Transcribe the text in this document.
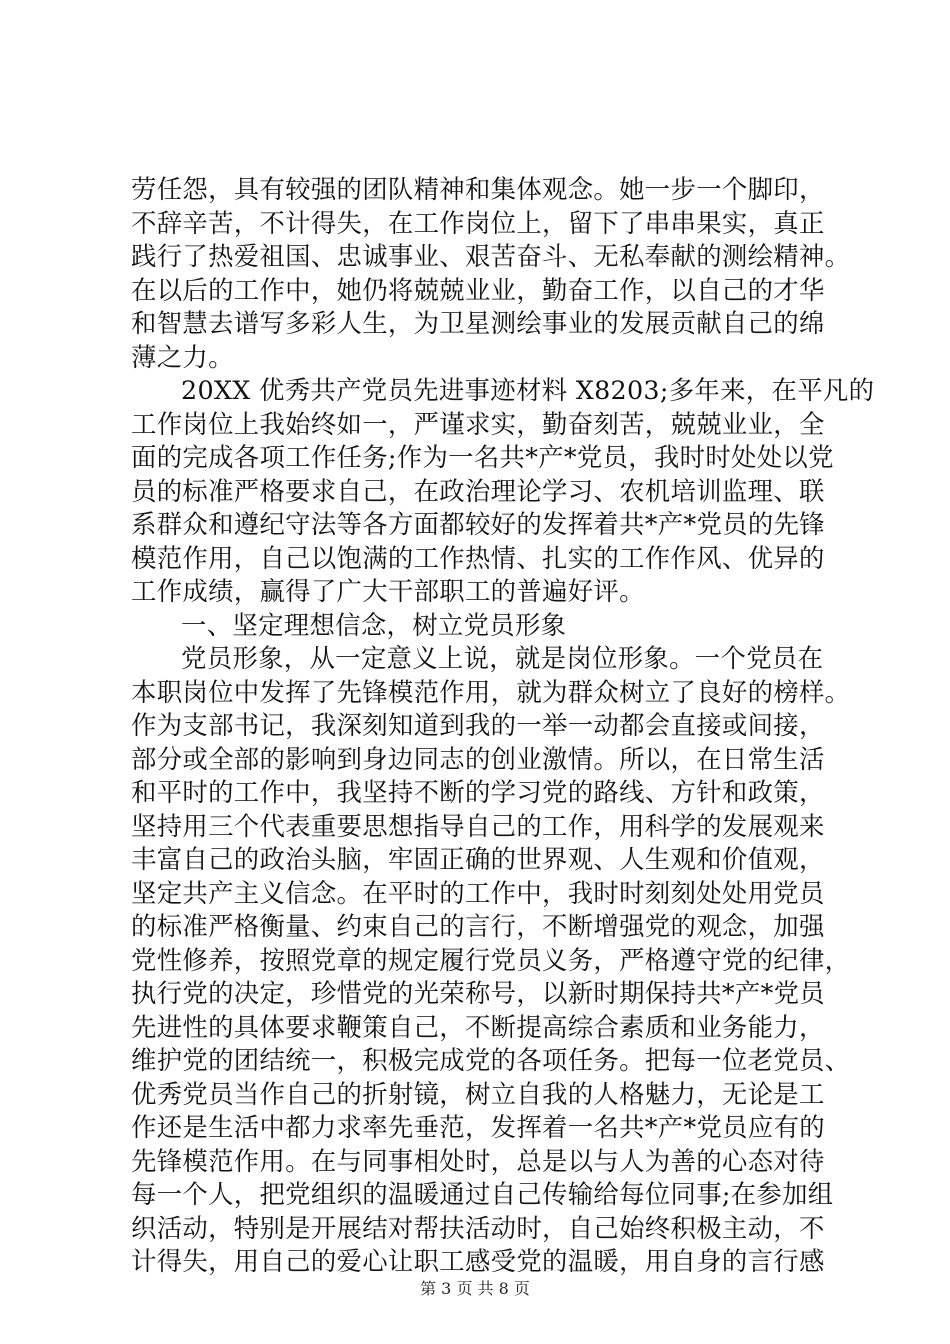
劳任怨，具有较强的团队精神和集体观念。她一步一个脚印，
不辞辛苦，不计得失，在工作岗位上，留下了串串果实，真正
践行了热爱祖国、忠诚事业、艰苦奋斗、无私奉献的测绘精神。
在以后的工作中，她仍将兢兢业业，勤奋工作，以自己的才华
和智慧去谱写多彩人生，为卫星测绘事业的发展贡献自己的绵
薄之力。
20XX 优秀共产党员先进事迹材料 X8203;多年来，在平凡的
工作岗位上我始终如一，严谨求实，勤奋刻苦，兢兢业业，全
面的完成各项工作任务;作为一名共*产*党员，我时时处处以党
员的标准严格要求自己，在政治理论学习、农机培训监理、联
系群众和遵纪守法等各方面都较好的发挥着共*产*党员的先锋
模范作用，自己以饱满的工作热情、扎实的工作作风、优异的
工作成绩，赢得了广大干部职工的普遍好评。
一、坚定理想信念，树立党员形象
党员形象，从一定意义上说，就是岗位形象。一个党员在
本职岗位中发挥了先锋模范作用，就为群众树立了良好的榜样。
作为支部书记，我深刻知道到我的一举一动都会直接或间接，
部分或全部的影响到身边同志的创业激情。所以，在日常生活
和平时的工作中，我坚持不断的学习党的路线、方针和政策，
坚持用三个代表重要思想指导自己的工作，用科学的发展观来
丰富自己的政治头脑，牢固正确的世界观、人生观和价值观，
坚定共产主义信念。在平时的工作中，我时时刻刻处处用党员
的标准严格衡量、约束自己的言行，不断增强党的观念，加强
党性修养，按照党章的规定履行党员义务，严格遵守党的纪律，
执行党的决定，珍惜党的光荣称号，以新时期保持共*产*党员
先进性的具体要求鞭策自己，不断提高综合素质和业务能力，
维护党的团结统一，积极完成党的各项任务。把每一位老党员、
优秀党员当作自己的折射镜，树立自我的人格魅力，无论是工
作还是生活中都力求率先垂范，发挥着一名共*产*党员应有的
先锋模范作用。在与同事相处时，总是以与人为善的心态对待
每一个人，把党组织的温暖通过自己传输给每位同事;在参加组
织活动，特别是开展结对帮扶活动时，自己始终积极主动，不
计得失，用自己的爱心让职工感受党的温暖，用自身的言行感
第 3 页 共 8 页
